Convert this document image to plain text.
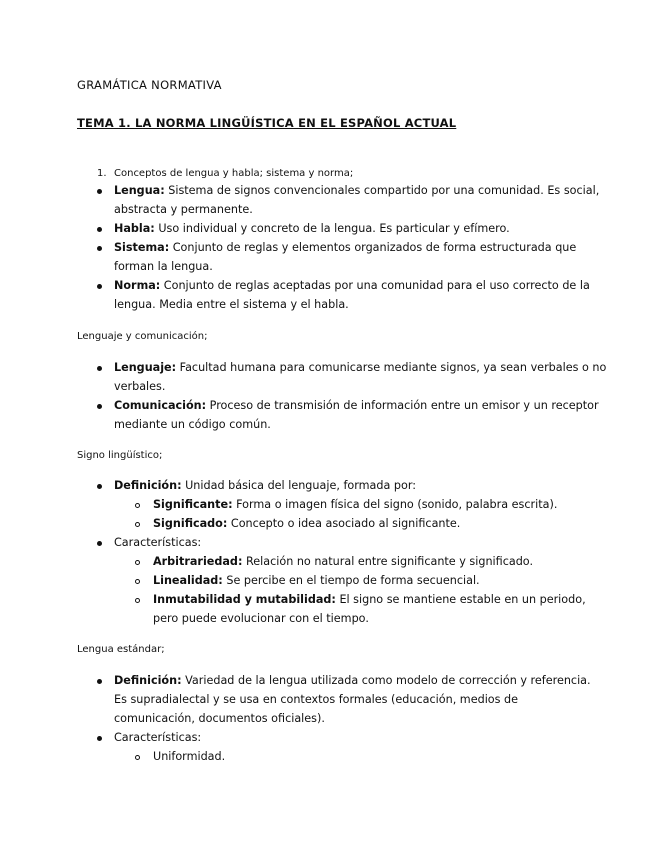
GRAMÁTICA NORMATIVA
TEMA 1. LA NORMA LINGÜÍSTICA EN EL ESPAÑOL ACTUAL
1. Conceptos de lengua y habla; sistema y norma;
Lengua: Sistema de signos convencionales compartido por una comunidad. Es social,
abstracta y permanente.
Habla: Uso individual y concreto de la lengua. Es particular y efímero.
Sistema: Conjunto de reglas y elementos organizados de forma estructurada que
forman la lengua.
Norma: Conjunto de reglas aceptadas por una comunidad para el uso correcto de la
lengua. Media entre el sistema y el habla.
Lenguaje y comunicación;
Lenguaje: Facultad humana para comunicarse mediante signos, ya sean verbales o no
verbales.
Comunicación: Proceso de transmisión de información entre un emisor y un receptor
mediante un código común.
Signo lingüístico;
Definición: Unidad básica del lenguaje, formada por:
Significante: Forma o imagen física del signo (sonido, palabra escrita).
Significado: Concepto o idea asociado al significante.
Características:
Arbitrariedad: Relación no natural entre significante y significado.
Linealidad: Se percibe en el tiempo de forma secuencial.
Inmutabilidad y mutabilidad: El signo se mantiene estable en un periodo,
pero puede evolucionar con el tiempo.
Lengua estándar;
Definición: Variedad de la lengua utilizada como modelo de corrección y referencia.
Es supradialectal y se usa en contextos formales (educación, medios de
comunicación, documentos oficiales).
Características:
Uniformidad.
